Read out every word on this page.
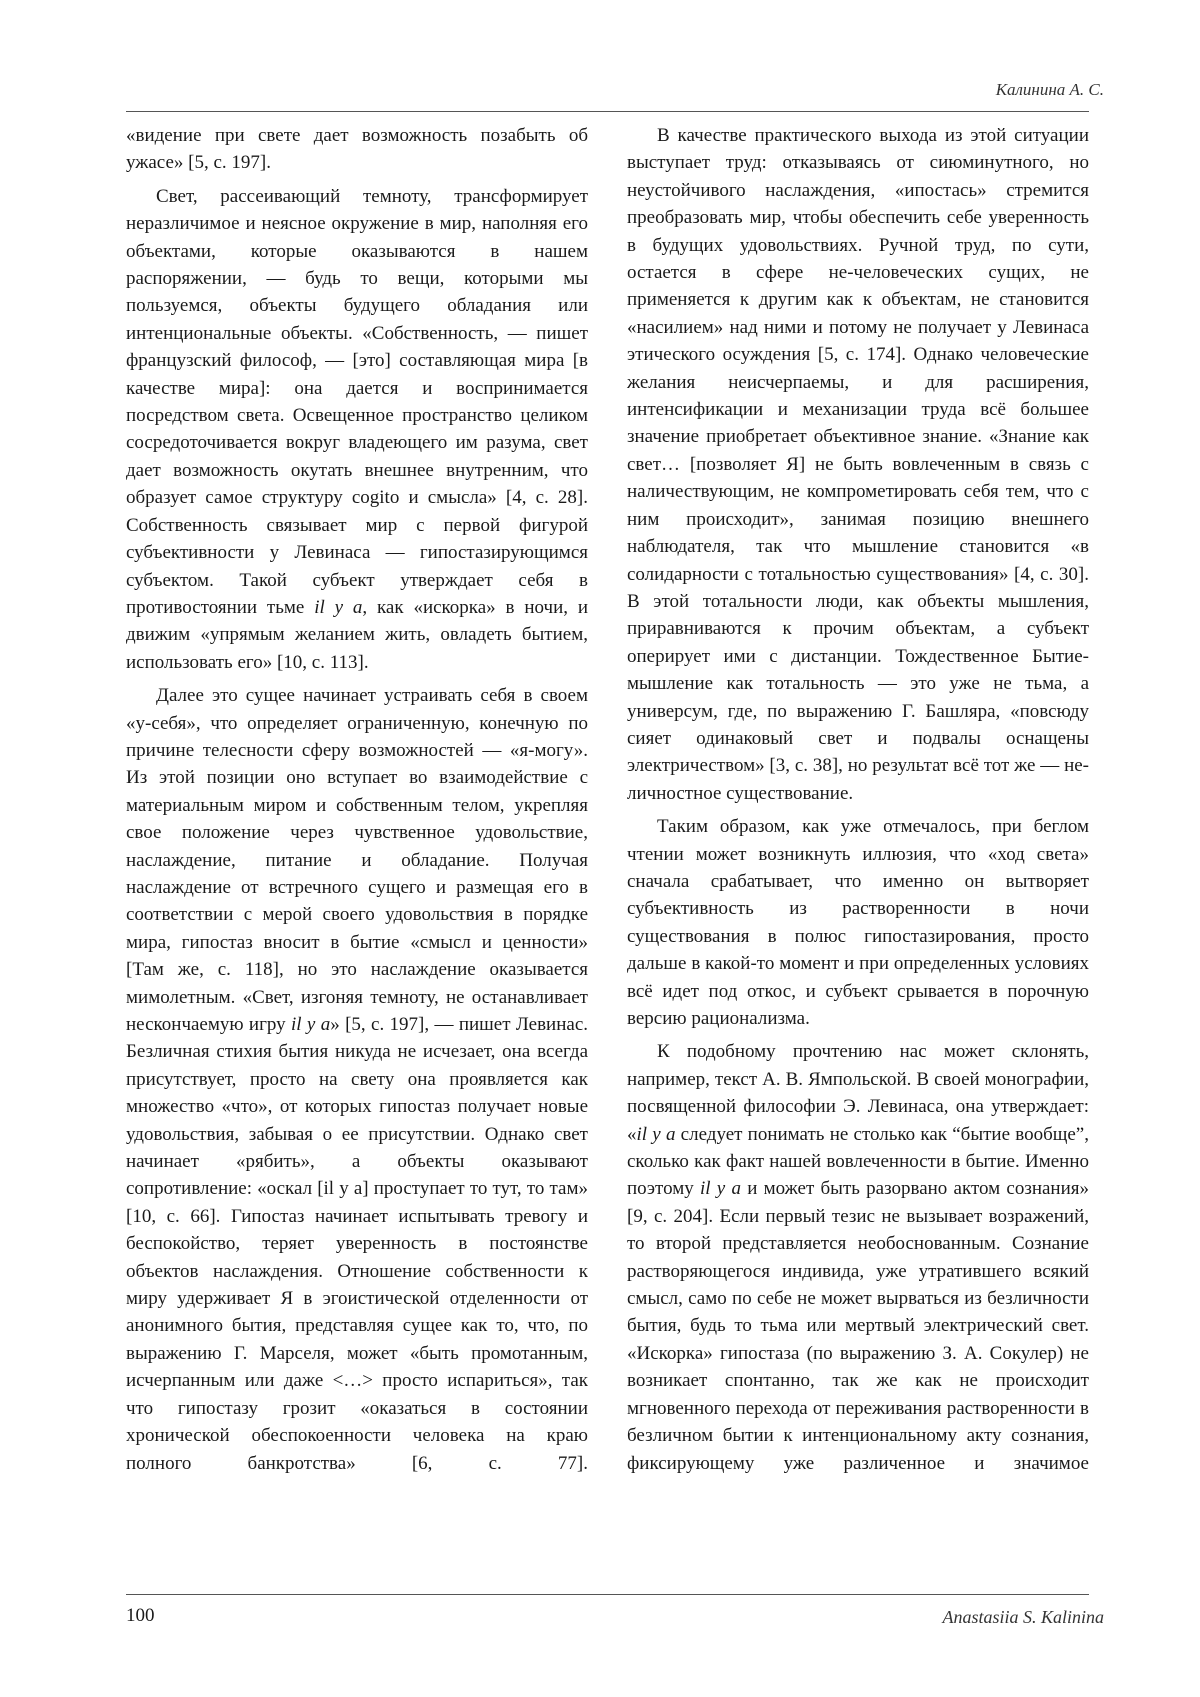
Калинина А. С.

«видение при свете дает возможность позабыть об ужасе» [5, с. 197].

Свет, рассеивающий темноту, трансформирует неразличимое и неясное окружение в мир, наполняя его объектами, которые оказываются в нашем распоряжении, — будь то вещи, которыми мы пользуемся, объекты будущего обладания или интенциональные объекты. «Собственность, — пишет французский философ, — [это] составляющая мира [в качестве мира]: она дается и воспринимается посредством света. Освещенное пространство целиком сосредоточивается вокруг владеющего им разума, свет дает возможность окутать внешнее внутренним, что образует самое структуру cogito и смысла» [4, с. 28]. Собственность связывает мир с первой фигурой субъективности у Левинаса — гипостазирующимся субъектом. Такой субъект утверждает себя в противостоянии тьме il y a, как «искорка» в ночи, и движим «упрямым желанием жить, овладеть бытием, использовать его» [10, с. 113].

Далее это сущее начинает устраивать себя в своем «у-себя», что определяет ограниченную, конечную по причине телесности сферу возможностей — «я-могу». Из этой позиции оно вступает во взаимодействие с материальным миром и собственным телом, укрепляя свое положение через чувственное удовольствие, наслаждение, питание и обладание. Получая наслаждение от встречного сущего и размещая его в соответствии с мерой своего удовольствия в порядке мира, гипостаз вносит в бытие «смысл и ценности» [Там же, с. 118], но это наслаждение оказывается мимолетным. «Свет, изгоняя темноту, не останавливает нескончаемую игру il y a» [5, с. 197], — пишет Левинас. Безличная стихия бытия никуда не исчезает, она всегда присутствует, просто на свету она проявляется как множество «что», от которых гипостаз получает новые удовольствия, забывая о ее присутствии. Однако свет начинает «рябить», а объекты оказывают сопротивление: «оскал [il y a] проступает то тут, то там» [10, с. 66]. Гипостаз начинает испытывать тревогу и беспокойство, теряет уверенность в постоянстве объектов наслаждения. Отношение собственности к миру удерживает Я в эгоистической отделенности от анонимного бытия, представляя сущее как то, что, по выражению Г. Марселя, может «быть промотанным, исчерпанным или даже <…> просто испариться», так что гипостазу грозит «оказаться в состоянии хронической обеспокоенности человека на краю полного банкротства» [6, с. 77].

В качестве практического выхода из этой ситуации выступает труд: отказываясь от сиюминутного, но неустойчивого наслаждения, «ипостась» стремится преобразовать мир, чтобы обеспечить себе уверенность в будущих удовольствиях. Ручной труд, по сути, остается в сфере не-человеческих сущих, не применяется к другим как к объектам, не становится «насилием» над ними и потому не получает у Левинаса этического осуждения [5, с. 174]. Однако человеческие желания неисчерпаемы, и для расширения, интенсификации и механизации труда всё большее значение приобретает объективное знание. «Знание как свет… [позволяет Я] не быть вовлеченным в связь с наличествующим, не компрометировать себя тем, что с ним происходит», занимая позицию внешнего наблюдателя, так что мышление становится «в солидарности с тотальностью существования» [4, с. 30]. В этой тотальности люди, как объекты мышления, приравниваются к прочим объектам, а субъект оперирует ими с дистанции. Тождественное Бытие-мышление как тотальность — это уже не тьма, а универсум, где, по выражению Г. Башляра, «повсюду сияет одинаковый свет и подвалы оснащены электричеством» [3, с. 38], но результат всё тот же — не-личностное существование.

Таким образом, как уже отмечалось, при беглом чтении может возникнуть иллюзия, что «ход света» сначала срабатывает, что именно он вытворяет субъективность из растворенности в ночи существования в полюс гипостазирования, просто дальше в какой-то момент и при определенных условиях всё идет под откос, и субъект срывается в порочную версию рационализма.

К подобному прочтению нас может склонять, например, текст А. В. Ямпольской. В своей монографии, посвященной философии Э. Левинаса, она утверждает: «il y a следует понимать не столько как “бытие вообще”, сколько как факт нашей вовлеченности в бытие. Именно поэтому il y a и может быть разорвано актом сознания» [9, с. 204]. Если первый тезис не вызывает возражений, то второй представляется необоснованным. Сознание растворяющегося индивида, уже утратившего всякий смысл, само по себе не может вырваться из безличности бытия, будь то тьма или мертвый электрический свет. «Искорка» гипостаза (по выражению З. А. Сокулер) не возникает спонтанно, так же как не происходит мгновенного перехода от переживания растворенности в безличном бытии к интенциональному акту сознания, фиксирующему уже различенное и значимое

100	Anastasiia S. Kalinina
